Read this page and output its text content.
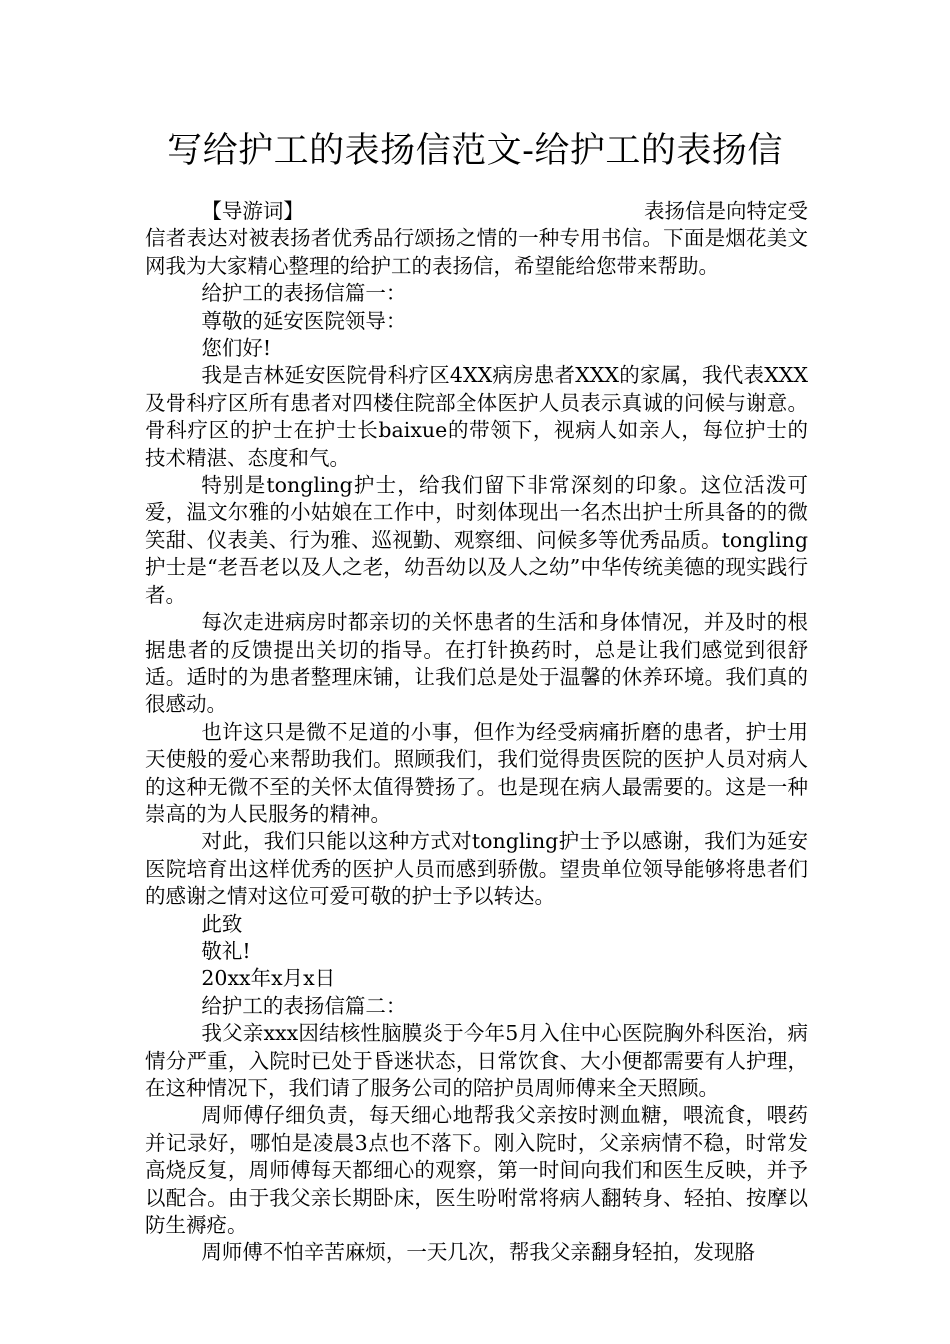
写给护工的表扬信范文-给护工的表扬信
【导游词】	表扬信是向特定受

信者表达对被表扬者优秀品行颂扬之情的一种专用书信。下面是烟花美文网我为大家精心整理的给护工的表扬信，希望能给您带来帮助。

给护工的表扬信篇一：

尊敬的延安医院领导：

您们好!

我是吉林延安医院骨科疗区4XX病房患者XXX的家属，我代表XXX及骨科疗区所有患者对四楼住院部全体医护人员表示真诚的问候与谢意。骨科疗区的护士在护士长baixue的带领下，视病人如亲人，每位护士的技术精湛、态度和气。

特别是tongling护士，给我们留下非常深刻的印象。这位活泼可爱，温文尔雅的小姑娘在工作中，时刻体现出一名杰出护士所具备的的微笑甜、仪表美、行为雅、巡视勤、观察细、问候多等优秀品质。tongling护士是“老吾老以及人之老，幼吾幼以及人之幼”中华传统美德的现实践行者。

每次走进病房时都亲切的关怀患者的生活和身体情况，并及时的根据患者的反馈提出关切的指导。在打针换药时，总是让我们感觉到很舒适。适时的为患者整理床铺，让我们总是处于温馨的休养环境。我们真的很感动。

也许这只是微不足道的小事，但作为经受病痛折磨的患者，护士用天使般的爱心来帮助我们。照顾我们，我们觉得贵医院的医护人员对病人的这种无微不至的关怀太值得赞扬了。也是现在病人最需要的。这是一种崇高的为人民服务的精神。

对此，我们只能以这种方式对tongling护士予以感谢，我们为延安医院培育出这样优秀的医护人员而感到骄傲。望贵单位领导能够将患者们的感谢之情对这位可爱可敬的护士予以转达。

此致

敬礼!

20xx年x月x日

给护工的表扬信篇二：

我父亲xxx因结核性脑膜炎于今年5月入住中心医院胸外科医治，病情分严重，入院时已处于昏迷状态，日常饮食、大小便都需要有人护理，在这种情况下，我们请了服务公司的陪护员周师傅来全天照顾。

周师傅仔细负责，每天细心地帮我父亲按时测血糖，喂流食，喂药并记录好，哪怕是凌晨3点也不落下。刚入院时，父亲病情不稳，时常发高烧反复，周师傅每天都细心的观察，第一时间向我们和医生反映，并予以配合。由于我父亲长期卧床，医生吩咐常将病人翻转身、轻拍、按摩以防生褥疮。

周师傅不怕辛苦麻烦，一天几次，帮我父亲翻身轻拍，发现胳
